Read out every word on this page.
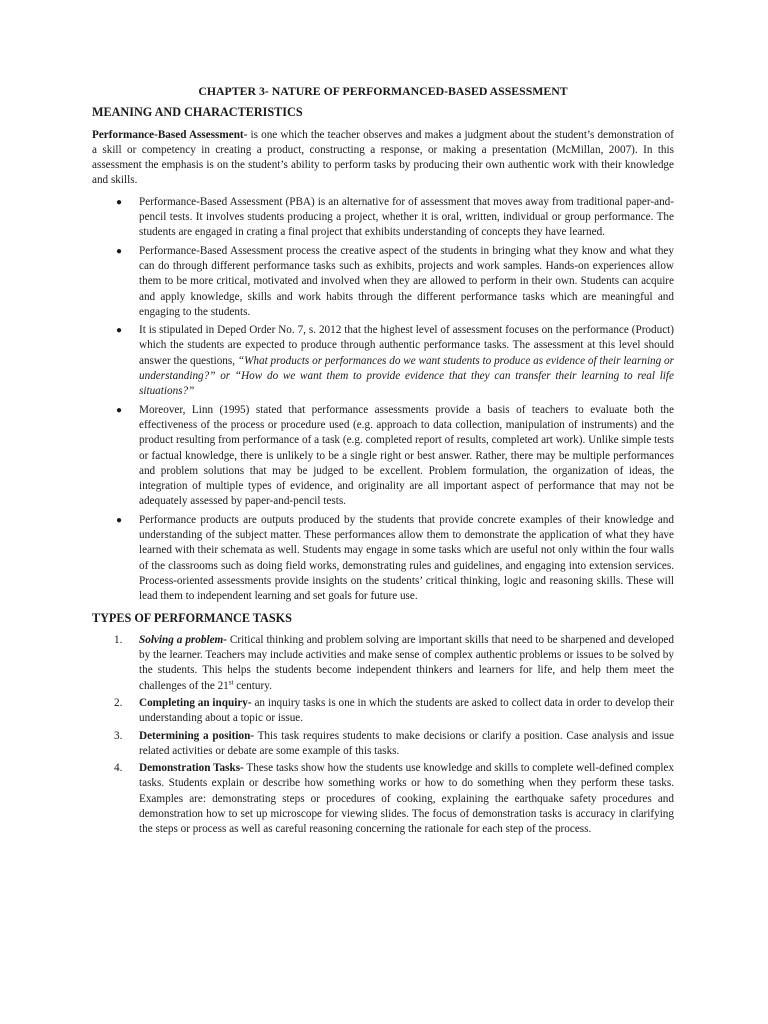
CHAPTER 3- NATURE OF PERFORMANCED-BASED ASSESSMENT
MEANING AND CHARACTERISTICS

Performance-Based Assessment- is one which the teacher observes and makes a judgment about the student’s demonstration of a skill or competency in creating a product, constructing a response, or making a presentation (McMillan, 2007). In this assessment the emphasis is on the student’s ability to perform tasks by producing their own authentic work with their knowledge and skills.

● Performance-Based Assessment (PBA) is an alternative for of assessment that moves away from traditional paper-and-pencil tests. It involves students producing a project, whether it is oral, written, individual or group performance. The students are engaged in crating a final project that exhibits understanding of concepts they have learned.
● Performance-Based Assessment process the creative aspect of the students in bringing what they know and what they can do through different performance tasks such as exhibits, projects and work samples. Hands-on experiences allow them to be more critical, motivated and involved when they are allowed to perform in their own. Students can acquire and apply knowledge, skills and work habits through the different performance tasks which are meaningful and engaging to the students.
● It is stipulated in Deped Order No. 7, s. 2012 that the highest level of assessment focuses on the performance (Product) which the students are expected to produce through authentic performance tasks. The assessment at this level should answer the questions, “What products or performances do we want students to produce as evidence of their learning or understanding?” or “How do we want them to provide evidence that they can transfer their learning to real life situations?”
● Moreover, Linn (1995) stated that performance assessments provide a basis of teachers to evaluate both the effectiveness of the process or procedure used (e.g. approach to data collection, manipulation of instruments) and the product resulting from performance of a task (e.g. completed report of results, completed art work). Unlike simple tests or factual knowledge, there is unlikely to be a single right or best answer. Rather, there may be multiple performances and problem solutions that may be judged to be excellent. Problem formulation, the organization of ideas, the integration of multiple types of evidence, and originality are all important aspect of performance that may not be adequately assessed by paper-and-pencil tests.
● Performance products are outputs produced by the students that provide concrete examples of their knowledge and understanding of the subject matter. These performances allow them to demonstrate the application of what they have learned with their schemata as well. Students may engage in some tasks which are useful not only within the four walls of the classrooms such as doing field works, demonstrating rules and guidelines, and engaging into extension services. Process-oriented assessments provide insights on the students’ critical thinking, logic and reasoning skills. These will lead them to independent learning and set goals for future use.
TYPES OF PERFORMANCE TASKS
1. Solving a problem- Critical thinking and problem solving are important skills that need to be sharpened and developed by the learner. Teachers may include activities and make sense of complex authentic problems or issues to be solved by the students. This helps the students become independent thinkers and learners for life, and help them meet the challenges of the 21st century.
2. Completing an inquiry- an inquiry tasks is one in which the students are asked to collect data in order to develop their understanding about a topic or issue.
3. Determining a position- This task requires students to make decisions or clarify a position. Case analysis and issue related activities or debate are some example of this tasks.
4. Demonstration Tasks- These tasks show how the students use knowledge and skills to complete well-defined complex tasks. Students explain or describe how something works or how to do something when they perform these tasks. Examples are: demonstrating steps or procedures of cooking, explaining the earthquake safety procedures and demonstration how to set up microscope for viewing slides. The focus of demonstration tasks is accuracy in clarifying the steps or process as well as careful reasoning concerning the rationale for each step of the process.
